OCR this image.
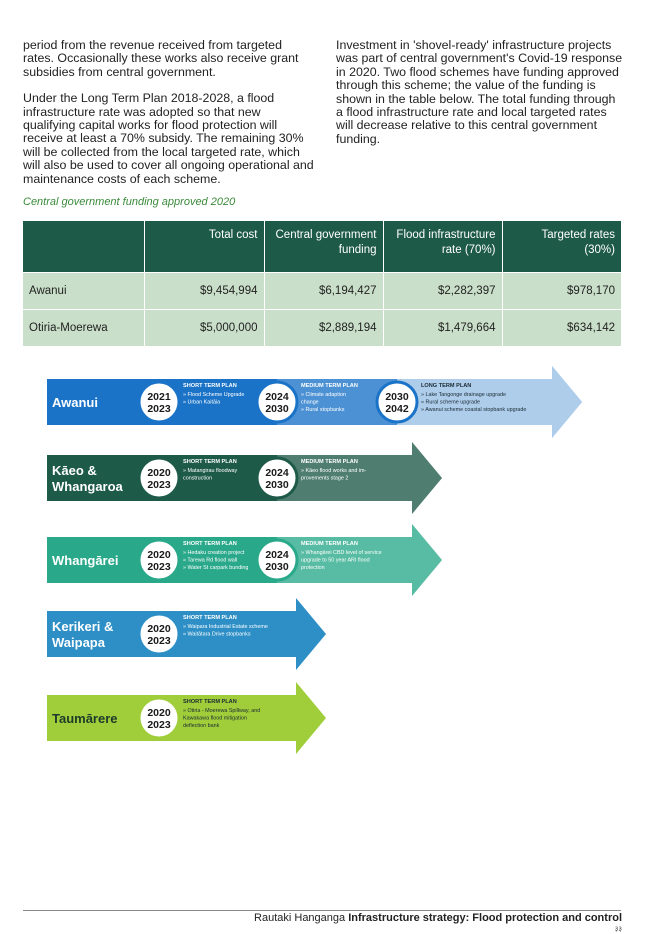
period from the revenue received from targeted rates. Occasionally these works also receive grant subsidies from central government.

Under the Long Term Plan 2018-2028, a flood infrastructure rate was adopted so that new qualifying capital works for flood protection will receive at least a 70% subsidy. The remaining 30% will be collected from the local targeted rate, which will also be used to cover all ongoing operational and maintenance costs of each scheme.

Investment in 'shovel-ready' infrastructure projects was part of central government's Covid-19 response in 2020. Two flood schemes have funding approved through this scheme; the value of the funding is shown in the table below. The total funding through a flood infrastructure rate and local targeted rates will decrease relative to this central government funding.

Central government funding approved 2020
	Total cost	Central government funding	Flood infrastructure rate (70%)	Targeted rates (30%)
Awanui	$9,454,994	$6,194,427	$2,282,397	$978,170
Otiria-Moerewa	$5,000,000	$2,889,194	$1,479,664	$634,142
Awanui	2021
2023
SHORT TERM PLAN
» Flood Scheme Upgrade
» Urban Kaitāia	2024
2030
MEDIUM TERM PLAN
» Climate adaption
change
» Rural stopbanks
2030
2042
LONG TERM PLAN
» Lake Tangonge drainage upgrade
» Rural scheme upgrade
» Awanui scheme coastal stopbank upgrade
Kāeo &
Whangaroa
2020
2023
SHORT TERM PLAN
» Matangirau floodway
construction	2024
2030
MEDIUM TERM PLAN
» Kāeo flood works and im-
provements stage 2
Whangārei	2020
2023
SHORT TERM PLAN
» Hedaku creation project
» Tarewa Rd flood wall
» Water St carpark bunding
2024
2030
MEDIUM TERM PLAN
» Whangārei CBD level of service
upgrade to 50 year ARI flood
protection
Kerikeri &
Waipapa
2020
2023
SHORT TERM PLAN
» Waipara Industrial Estate scheme
» Waitātara Drive stopbanks
Taumārere	2020
2023
SHORT TERM PLAN
» Otiria - Moerewa Spillway, and
Kawakawa flood mitigation
deflection bank
Rautaki Hanganga Infrastructure strategy: Flood protection and control
३३
